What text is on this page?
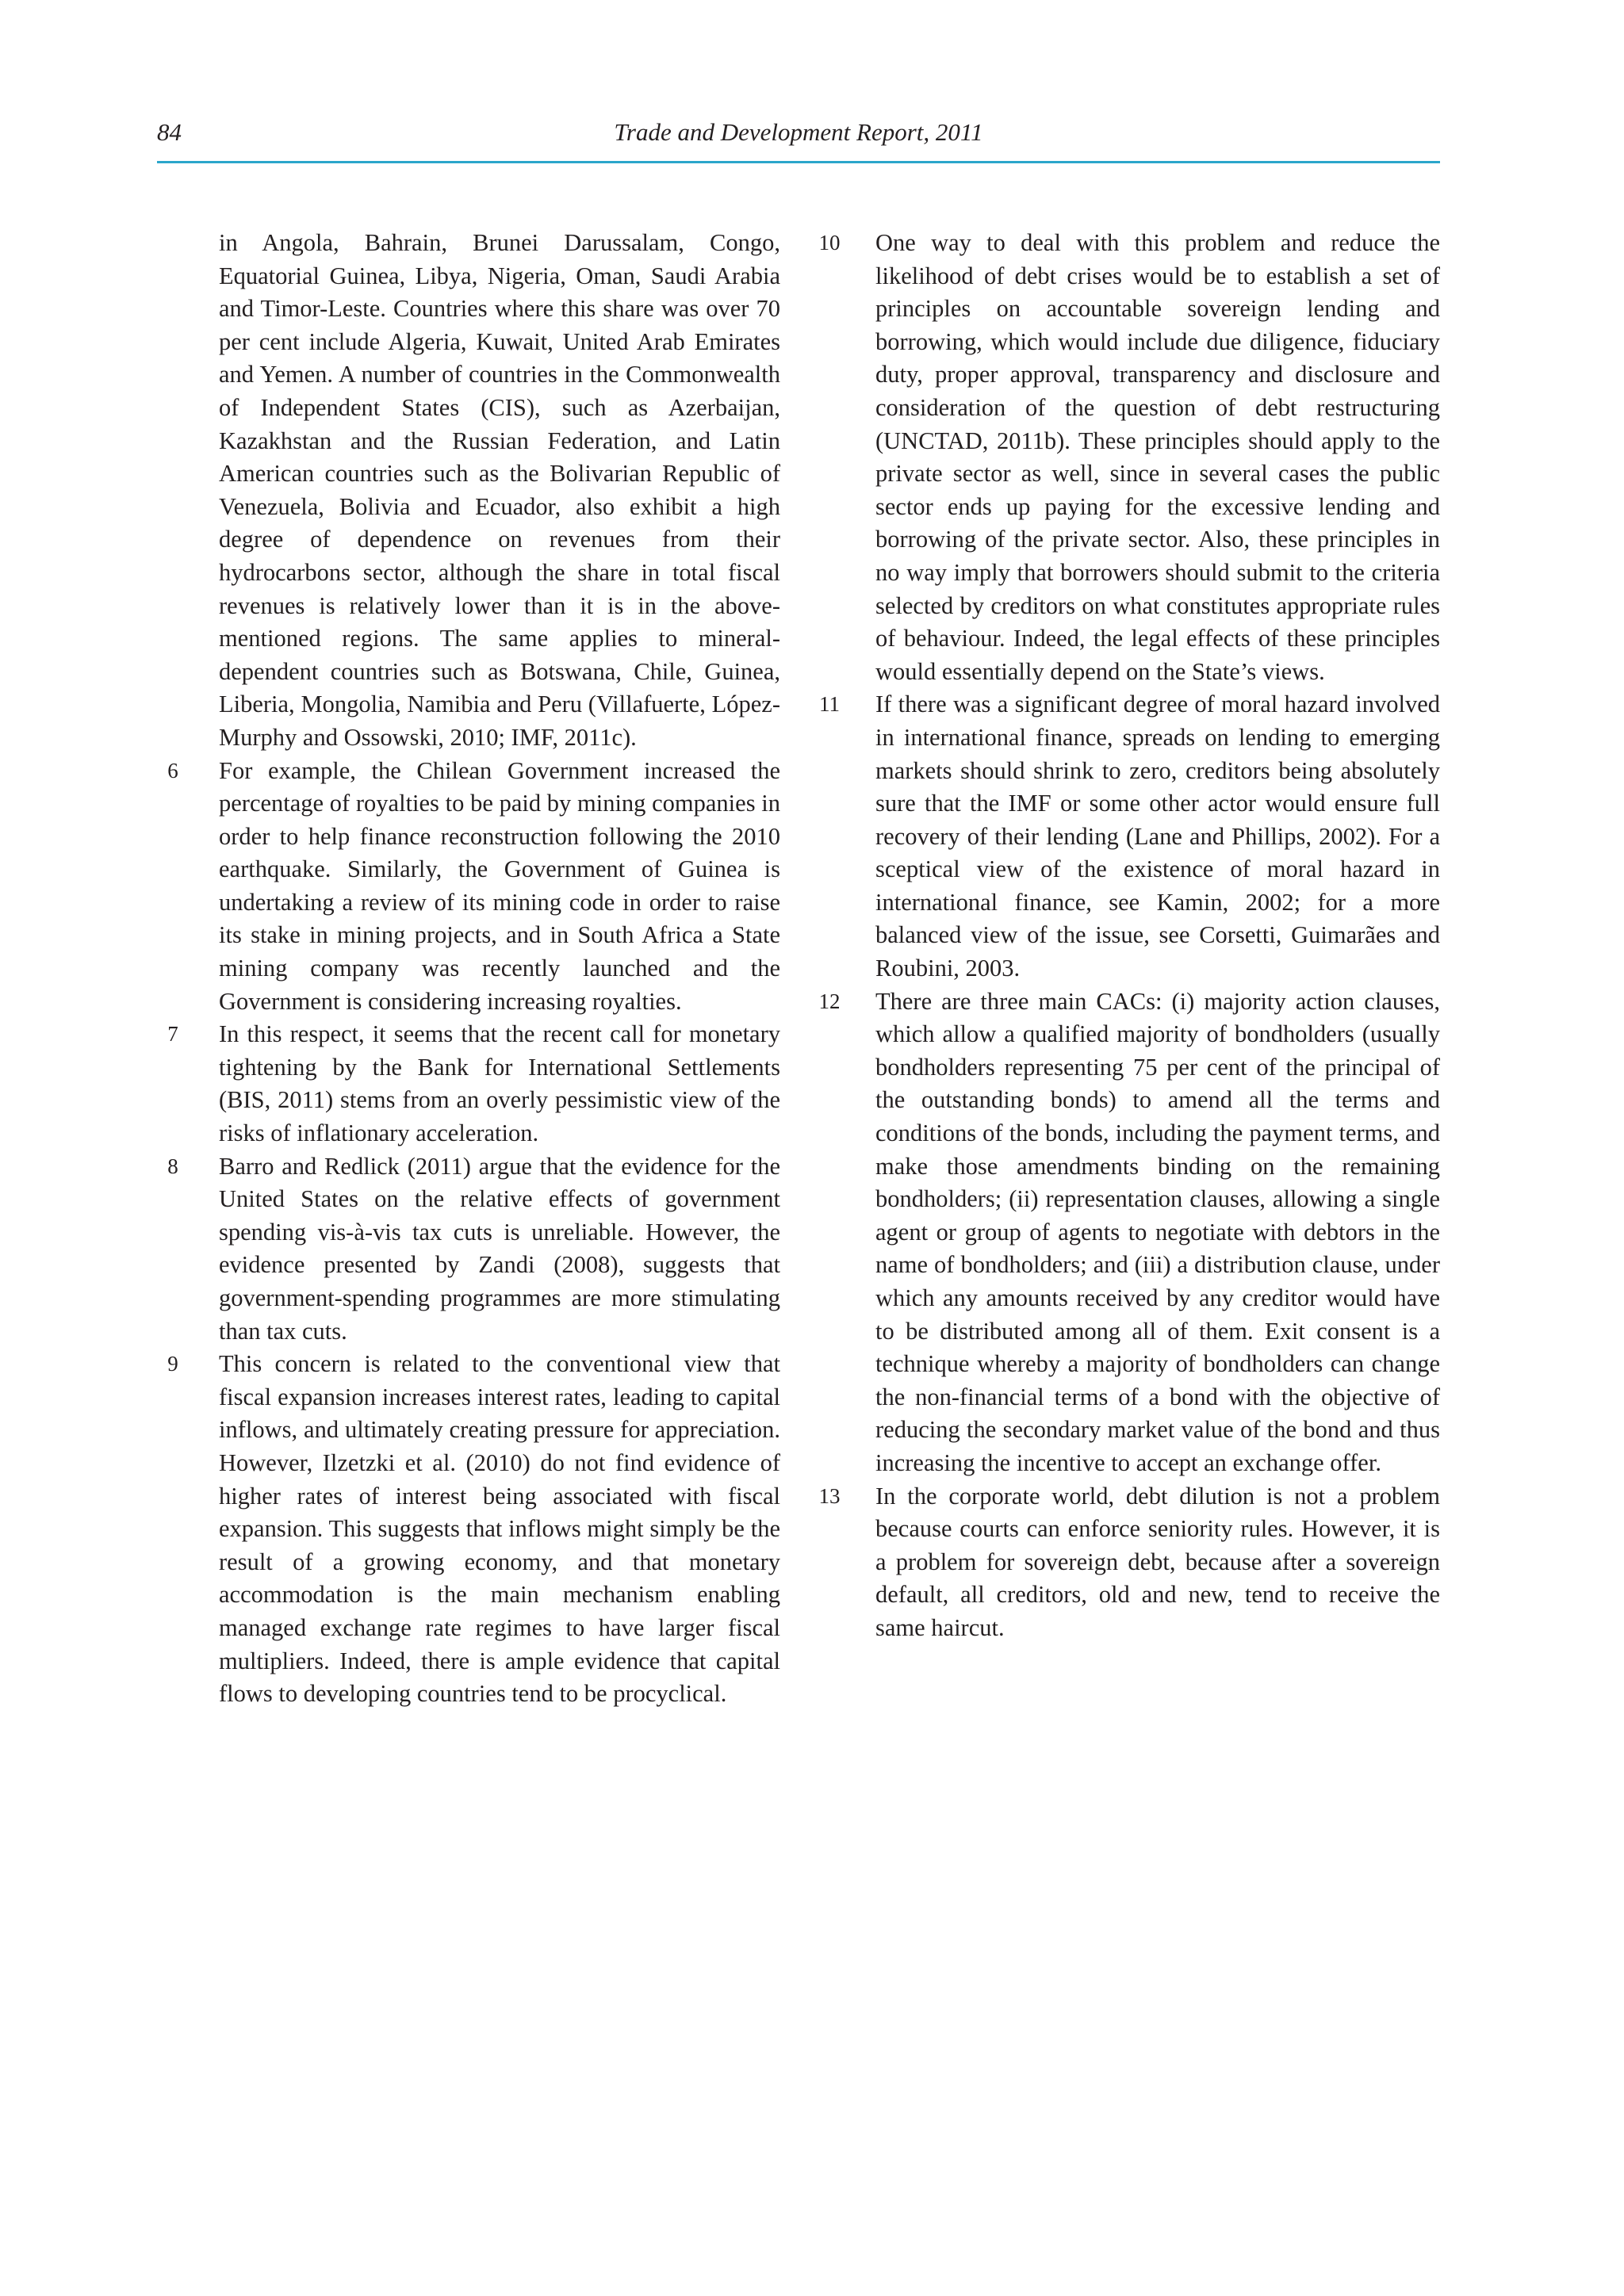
84	Trade and Development Report, 2011

in Angola, Bahrain, Brunei Darussalam, Congo, Equatorial Guinea, Libya, Nigeria, Oman, Saudi Arabia and Timor-Leste. Countries where this share was over 70 per cent include Algeria, Kuwait, United Arab Emirates and Yemen. A number of countries in the Commonwealth of Independent States (CIS), such as Azerbaijan, Kazakhstan and the Russian Federation, and Latin American countries such as the Bolivarian Republic of Venezuela, Bolivia and Ecuador, also exhibit a high degree of dependence on revenues from their hydrocarbons sector, although the share in total fiscal revenues is relatively lower than it is in the above-mentioned regions. The same applies to mineral-dependent countries such as Botswana, Chile, Guinea, Liberia, Mongolia, Namibia and Peru (Villafuerte, López-Murphy and Ossowski, 2010; IMF, 2011c).

6	For example, the Chilean Government increased the percentage of royalties to be paid by mining companies in order to help finance reconstruction following the 2010 earthquake. Similarly, the Government of Guinea is undertaking a review of its mining code in order to raise its stake in mining projects, and in South Africa a State mining company was recently launched and the Government is considering increasing royalties.

7	In this respect, it seems that the recent call for monetary tightening by the Bank for International Settlements (BIS, 2011) stems from an overly pessimistic view of the risks of inflationary acceleration.

8	Barro and Redlick (2011) argue that the evidence for the United States on the relative effects of government spending vis-à-vis tax cuts is unreliable. However, the evidence presented by Zandi (2008), suggests that government-spending programmes are more stimulating than tax cuts.

9	This concern is related to the conventional view that fiscal expansion increases interest rates, leading to capital inflows, and ultimately creating pressure for appreciation. However, Ilzetzki et al. (2010) do not find evidence of higher rates of interest being associated with fiscal expansion. This suggests that inflows might simply be the result of a growing economy, and that monetary accommodation is the main mechanism enabling managed exchange rate regimes to have larger fiscal multipliers. Indeed, there is ample evidence that capital flows to developing countries tend to be procyclical.

10 One way to deal with this problem and reduce the likelihood of debt crises would be to establish a set of principles on accountable sovereign lending and borrowing, which would include due diligence, fiduciary duty, proper approval, transparency and disclosure and consideration of the question of debt restructuring (UNCTAD, 2011b). These principles should apply to the private sector as well, since in several cases the public sector ends up paying for the excessive lending and borrowing of the private sector. Also, these principles in no way imply that borrowers should submit to the criteria selected by creditors on what constitutes appropriate rules of behaviour. Indeed, the legal effects of these principles would essentially depend on the State’s views.

11 If there was a significant degree of moral hazard involved in international finance, spreads on lending to emerging markets should shrink to zero, creditors being absolutely sure that the IMF or some other actor would ensure full recovery of their lending (Lane and Phillips, 2002). For a sceptical view of the existence of moral hazard in international finance, see Kamin, 2002; for a more balanced view of the issue, see Corsetti, Guimarães and Roubini, 2003.

12 There are three main CACs: (i) majority action clauses, which allow a qualified majority of bondholders (usually bondholders representing 75 per cent of the principal of the outstanding bonds) to amend all the terms and conditions of the bonds, including the payment terms, and make those amendments binding on the remaining bondholders; (ii) representation clauses, allowing a single agent or group of agents to negotiate with debtors in the name of bondholders; and (iii) a distribution clause, under which any amounts received by any creditor would have to be distributed among all of them. Exit consent is a technique whereby a majority of bondholders can change the non-financial terms of a bond with the objective of reducing the secondary market value of the bond and thus increasing the incentive to accept an exchange offer.

13 In the corporate world, debt dilution is not a problem because courts can enforce seniority rules. However, it is a problem for sovereign debt, because after a sovereign default, all creditors, old and new, tend to receive the same haircut.
